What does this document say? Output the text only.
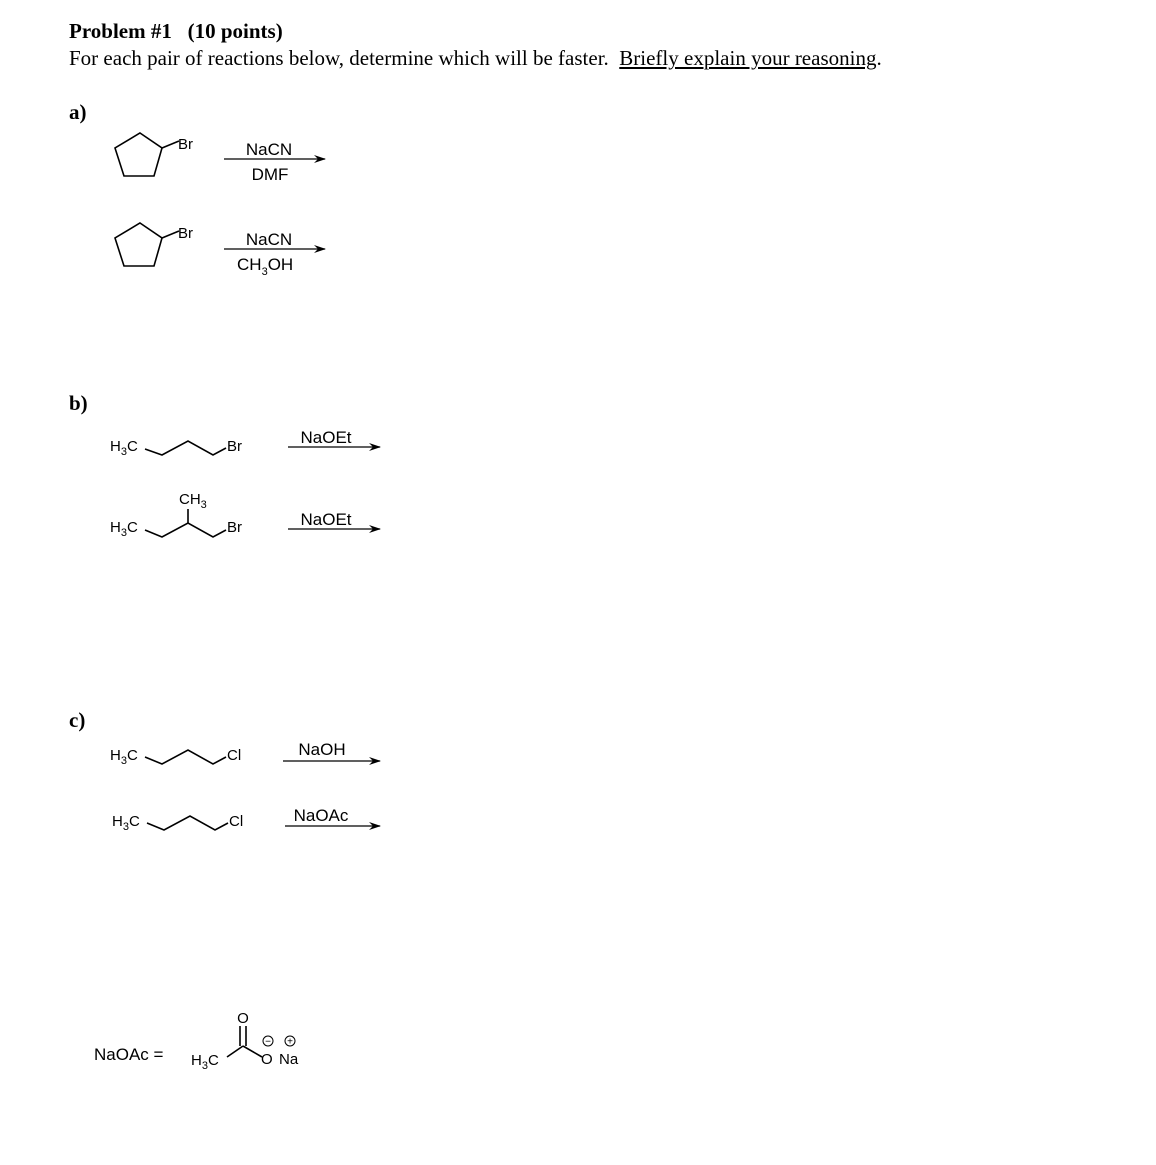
Problem #1   (10 points)
For each pair of reactions below, determine which will be faster. Briefly explain your reasoning.
a)
b)
c)
Br	NaCN
DMF
Br	NaCN
$CH_3OH$
$H_3C$	Br	NaOEt
$CH_3$
$H_3C$	Br	NaOEt
$H_3C$	Cl	NaOH
$H_3C$	Cl	NaOAc
NaOAc = $H_3C$
O
O Na
− +
